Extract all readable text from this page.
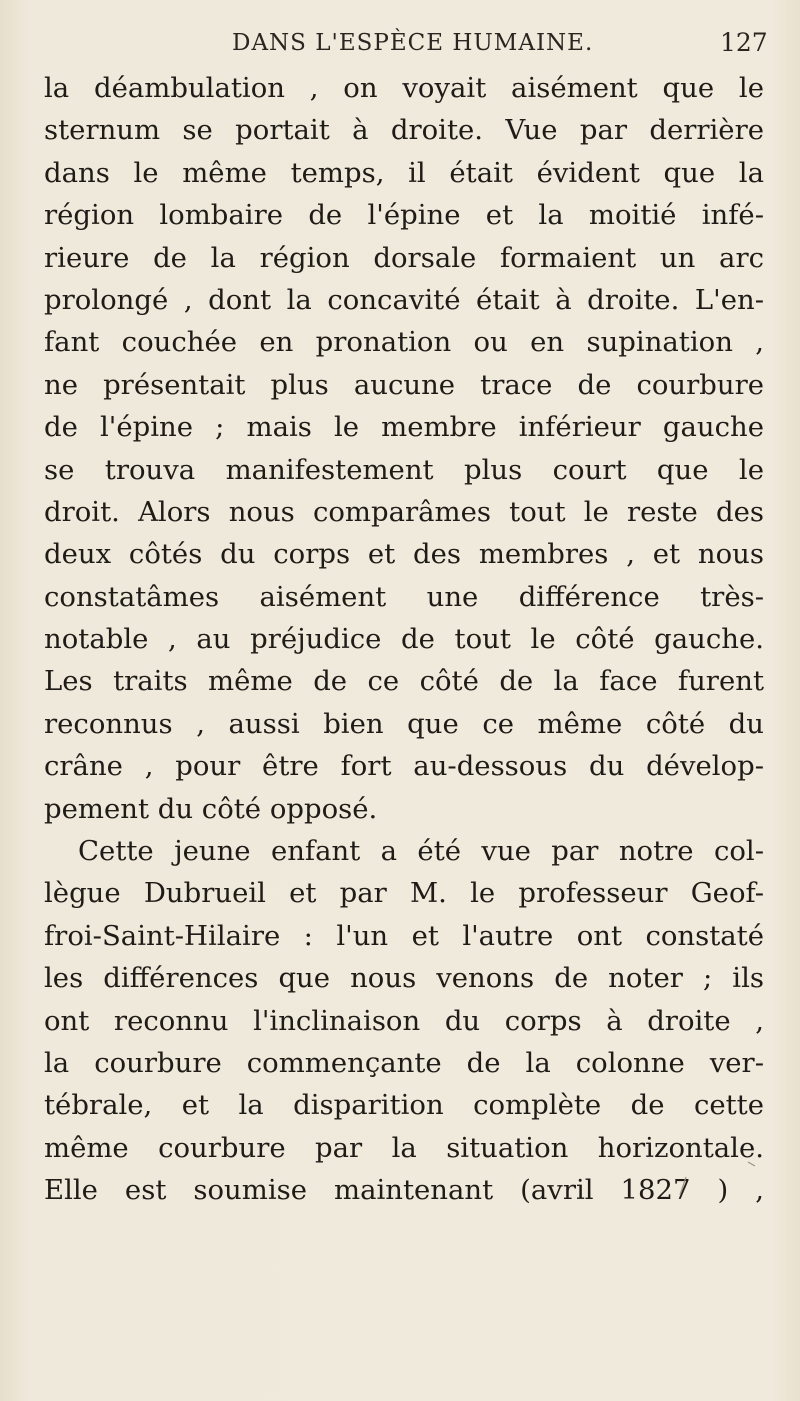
DANS L'ESPÈCE HUMAINE.	127
la déambulation , on voyait aisément que le
sternum se portait à droite. Vue par derrière
dans le même temps, il était évident que la
région lombaire de l'épine et la moitié infé-
rieure de la région dorsale formaient un arc
prolongé , dont la concavité était à droite. L'en-
fant couchée en pronation ou en supination ,
ne présentait plus aucune trace de courbure
de l'épine ; mais le membre inférieur gauche
se trouva manifestement plus court que le
droit. Alors nous comparâmes tout le reste des
deux côtés du corps et des membres , et nous
constatâmes aisément une différence très-
notable , au préjudice de tout le côté gauche.
Les traits même de ce côté de la face furent
reconnus , aussi bien que ce même côté du
crâne , pour être fort au-dessous du dévelop-
pement du côté opposé.
Cette jeune enfant a été vue par notre col-
lègue Dubrueil et par M. le professeur Geof-
froi-Saint-Hilaire : l'un et l'autre ont constaté
les différences que nous venons de noter ; ils
ont reconnu l'inclinaison du corps à droite ,
la courbure commençante de la colonne ver-
tébrale, et la disparition complète de cette
même courbure par la situation horizontale.
Elle est soumise maintenant (avril 1827 ) ,
